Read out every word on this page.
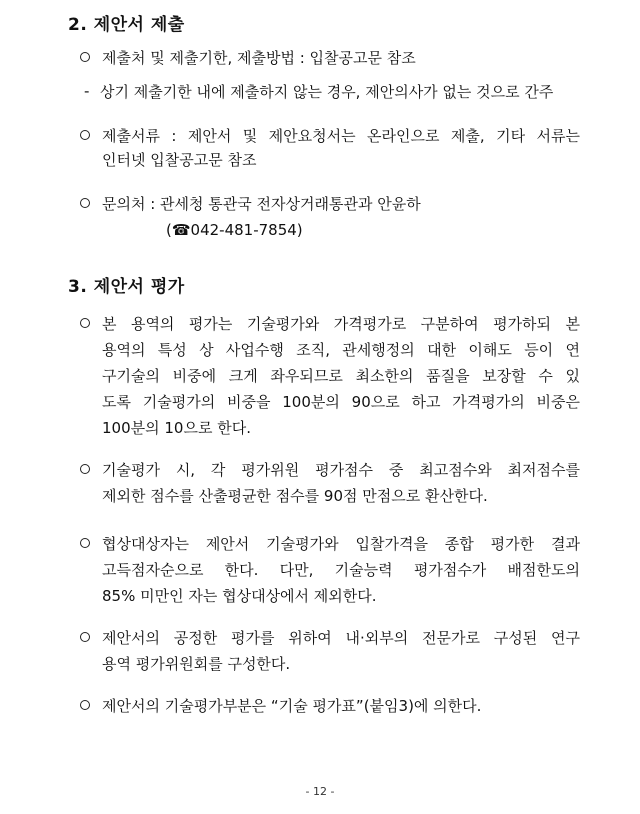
2. 제안서 제출
제출처 및 제출기한, 제출방법 : 입찰공고문 참조
- 상기 제출기한 내에 제출하지 않는 경우, 제안의사가 없는 것으로 간주
제출서류 : 제안서 및 제안요청서는 온라인으로 제출, 기타 서류는
인터넷 입찰공고문 참조
문의처 : 관세청 통관국 전자상거래통관과 안윤하
(☎042-481-7854)
3. 제안서 평가
본 용역의 평가는 기술평가와 가격평가로 구분하여 평가하되 본
용역의 특성 상 사업수행 조직, 관세행정의 대한 이해도 등이 연
구기술의 비중에 크게 좌우되므로 최소한의 품질을 보장할 수 있
도록 기술평가의 비중을 100분의 90으로 하고 가격평가의 비중은
100분의 10으로 한다.
기술평가 시, 각 평가위원 평가점수 중 최고점수와 최저점수를
제외한 점수를 산출평균한 점수를 90점 만점으로 환산한다.
협상대상자는 제안서 기술평가와 입찰가격을 종합 평가한 결과
고득점자순으로 한다. 다만, 기술능력 평가점수가 배점한도의
85% 미만인 자는 협상대상에서 제외한다.
제안서의 공정한 평가를 위하여 내·외부의 전문가로 구성된 연구
용역 평가위원회를 구성한다.
제안서의 기술평가부분은 “기술 평가표”(붙임3)에 의한다.
- 12 -
